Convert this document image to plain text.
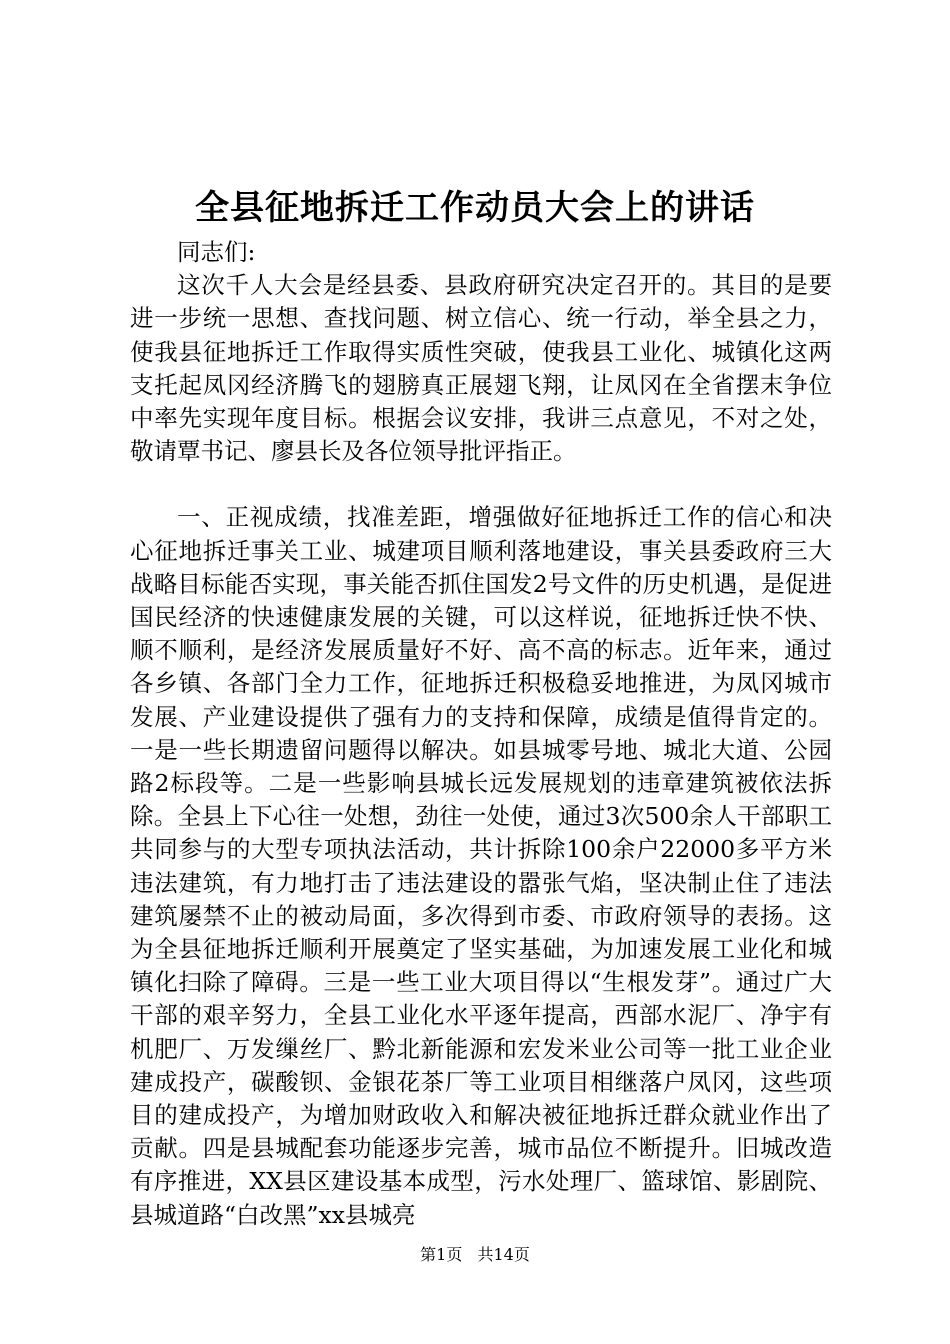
全县征地拆迁工作动员大会上的讲话

同志们:

这次千人大会是经县委、县政府研究决定召开的。其目的是要进一步统一思想、查找问题、树立信心、统一行动，举全县之力，使我县征地拆迁工作取得实质性突破，使我县工业化、城镇化这两支托起凤冈经济腾飞的翅膀真正展翅飞翔，让凤冈在全省摆末争位中率先实现年度目标。根据会议安排，我讲三点意见，不对之处，敬请覃书记、廖县长及各位领导批评指正。

一、正视成绩，找准差距，增强做好征地拆迁工作的信心和决心征地拆迁事关工业、城建项目顺利落地建设，事关县委政府三大战略目标能否实现，事关能否抓住国发2号文件的历史机遇，是促进国民经济的快速健康发展的关键，可以这样说，征地拆迁快不快、顺不顺利，是经济发展质量好不好、高不高的标志。近年来，通过各乡镇、各部门全力工作，征地拆迁积极稳妥地推进，为凤冈城市发展、产业建设提供了强有力的支持和保障，成绩是值得肯定的。一是一些长期遗留问题得以解决。如县城零号地、城北大道、公园路2标段等。二是一些影响县城长远发展规划的违章建筑被依法拆除。全县上下心往一处想，劲往一处使，通过3次500余人干部职工共同参与的大型专项执法活动，共计拆除100余户22000多平方米违法建筑，有力地打击了违法建设的嚣张气焰，坚决制止住了违法建筑屡禁不止的被动局面，多次得到市委、市政府领导的表扬。这为全县征地拆迁顺利开展奠定了坚实基础，为加速发展工业化和城镇化扫除了障碍。三是一些工业大项目得以“生根发芽”。通过广大干部的艰辛努力，全县工业化水平逐年提高，西部水泥厂、净宇有机肥厂、万发缫丝厂、黔北新能源和宏发米业公司等一批工业企业建成投产，碳酸钡、金银花茶厂等工业项目相继落户凤冈，这些项目的建成投产，为增加财政收入和解决被征地拆迁群众就业作出了贡献。四是县城配套功能逐步完善，城市品位不断提升。旧城改造有序推进，XX县区建设基本成型，污水处理厂、篮球馆、影剧院、县城道路“白改黑”xx县城亮

第1页 共14页
